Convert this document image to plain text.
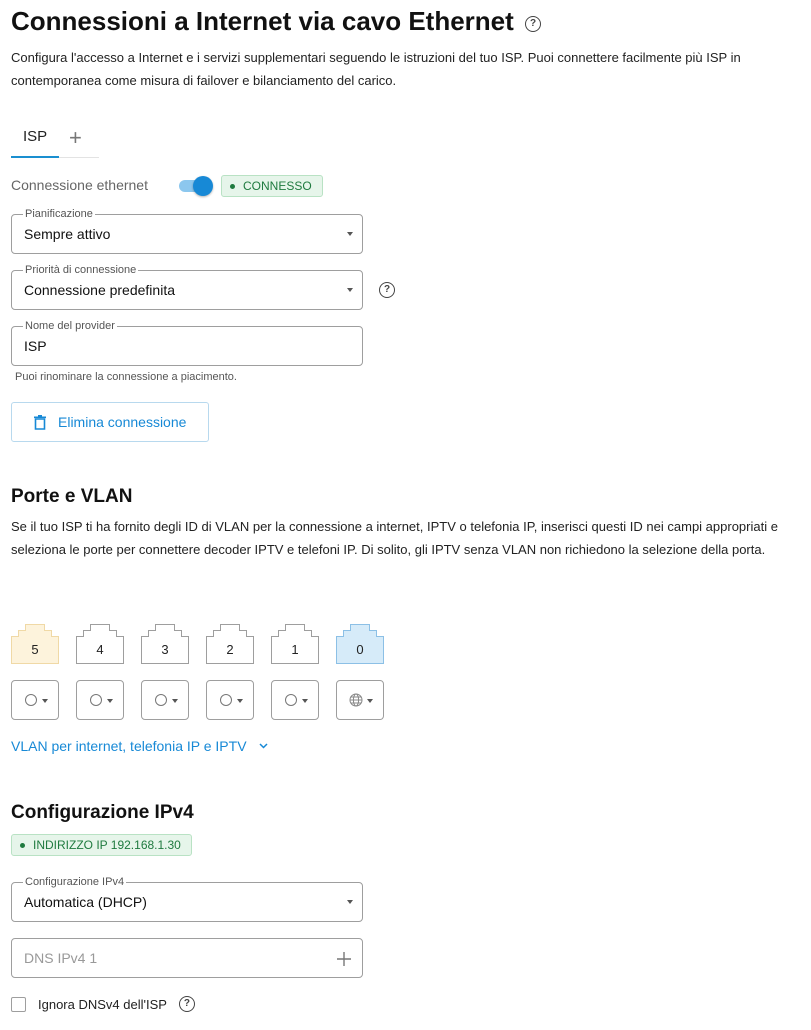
Connessioni a Internet via cavo Ethernet ?
Configura l'accesso a Internet e i servizi supplementari seguendo le istruzioni del tuo ISP. Puoi connettere facilmente più ISP in contemporanea come misura di failover e bilanciamento del carico.
ISP +
Connessione ethernet	CONNESSO
Pianificazione
Sempre attivo
Priorità di connessione
Connessione predefinita	?
Nome del provider
ISP
Puoi rinominare la connessione a piacimento.
Elimina connessione
Porte e VLAN
Se il tuo ISP ti ha fornito degli ID di VLAN per la connessione a internet, IPTV o telefonia IP, inserisci questi ID nei campi appropriati e seleziona le porte per connettere decoder IPTV e telefoni IP. Di solito, gli IPTV senza VLAN non richiedono la selezione della porta.
5	4	3	2	1	0
VLAN per internet, telefonia IP e IPTV
Configurazione IPv4
INDIRIZZO IP 192.168.1.30
Configurazione IPv4
Automatica (DHCP)
DNS IPv4 1
Ignora DNSv4 dell'ISP	?
